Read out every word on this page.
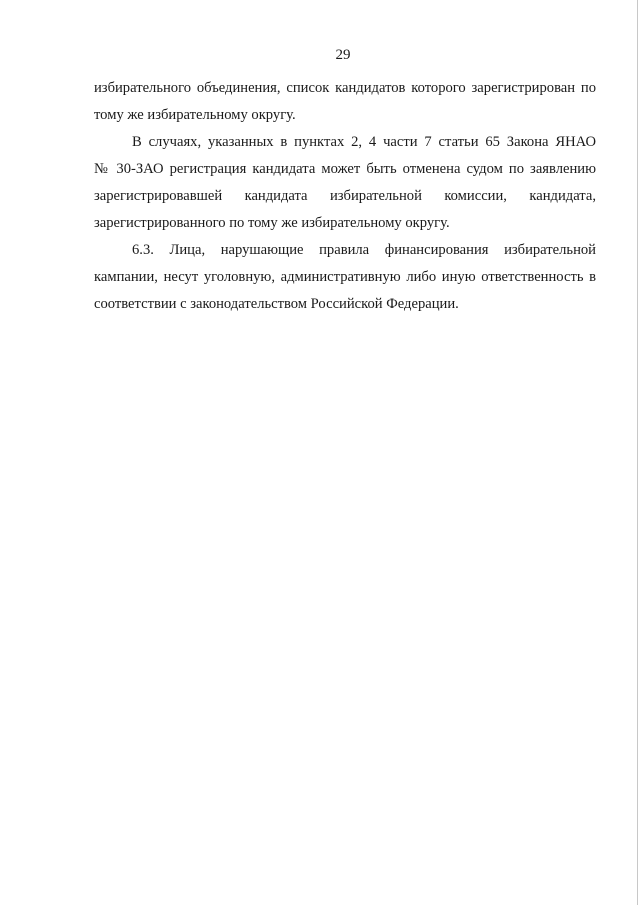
29
избирательного объединения, список кандидатов которого зарегистрирован по
тому же избирательному округу.
В случаях, указанных в пунктах 2, 4 части 7 статьи 65 Закона ЯНАО
№ 30-ЗАО регистрация кандидата может быть отменена судом по заявлению
зарегистрировавшей кандидата избирательной комиссии, кандидата,
зарегистрированного по тому же избирательному округу.
6.3. Лица, нарушающие правила финансирования избирательной
кампании, несут уголовную, административную либо иную ответственность в
соответствии с законодательством Российской Федерации.
